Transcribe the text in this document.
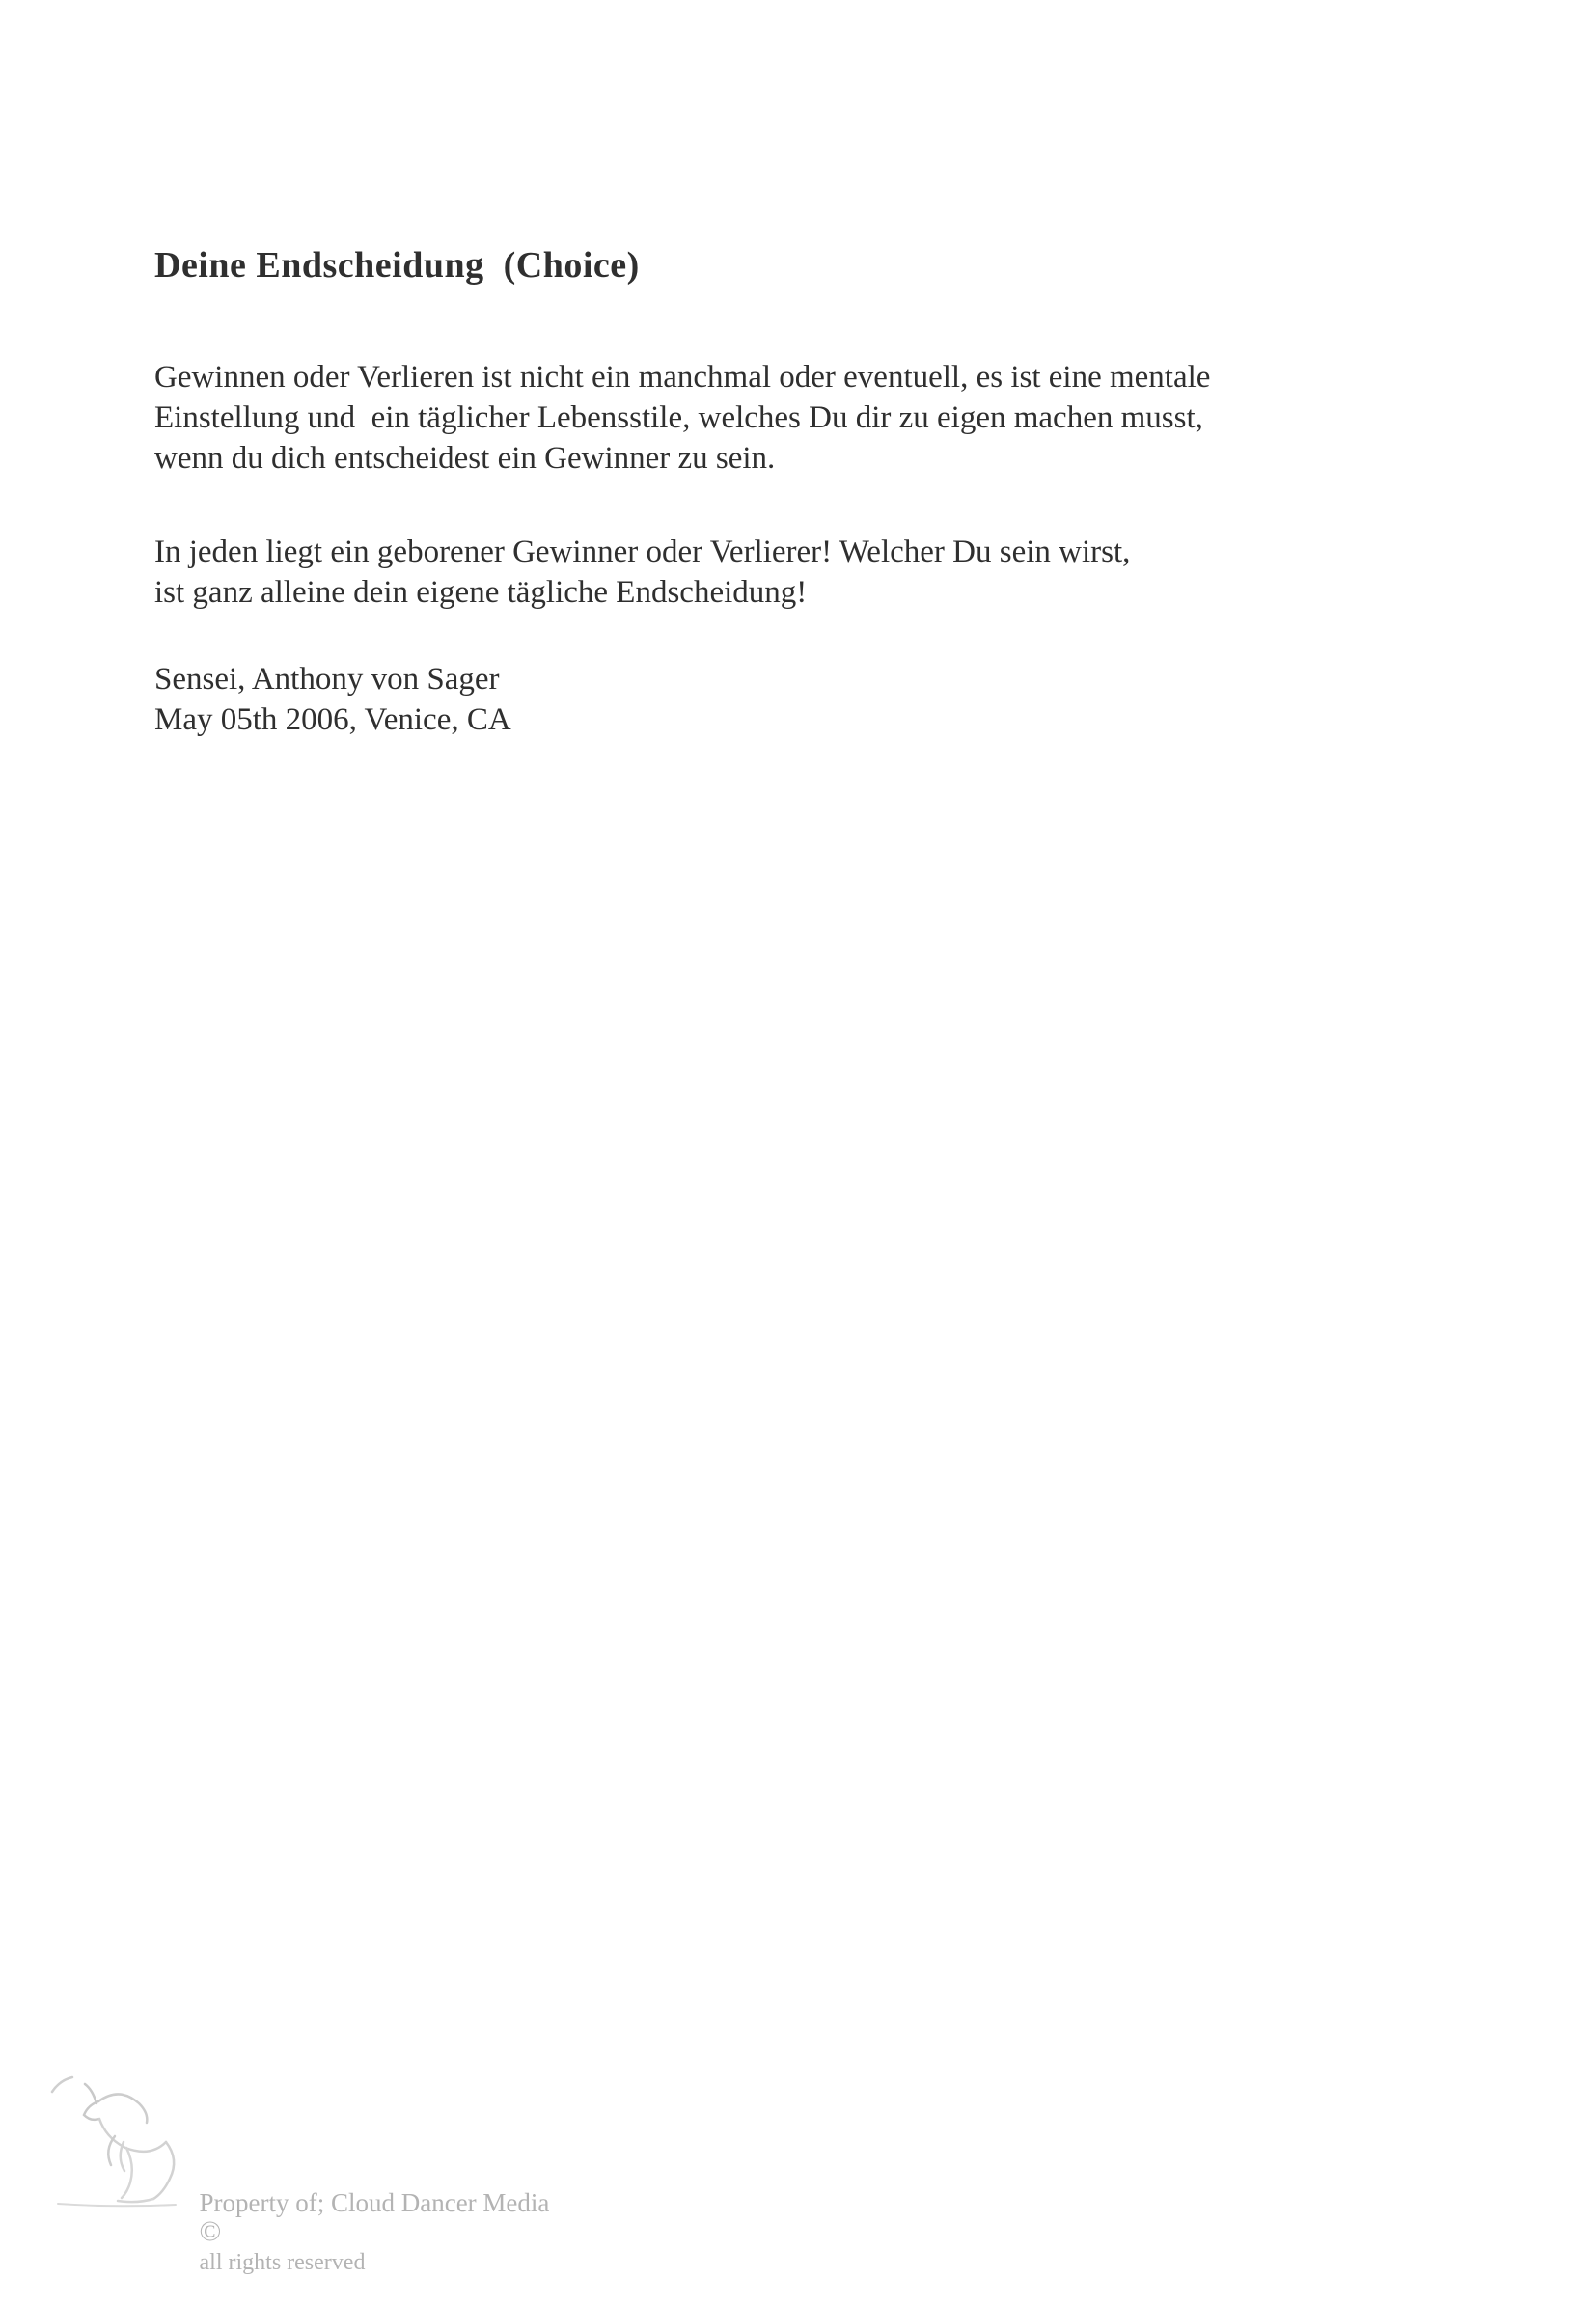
Deine Endscheidung  (Choice)

Gewinnen oder Verlieren ist nicht ein manchmal oder eventuell, es ist eine mentale
Einstellung und  ein täglicher Lebensstile, welches Du dir zu eigen machen musst,
wenn du dich entscheidest ein Gewinner zu sein.

In jeden liegt ein geborener Gewinner oder Verlierer! Welcher Du sein wirst,
ist ganz alleine dein eigene tägliche Endscheidung!

Sensei, Anthony von Sager
May 05th 2006, Venice, CA

Property of; Cloud Dancer Media
©
all rights reserved
